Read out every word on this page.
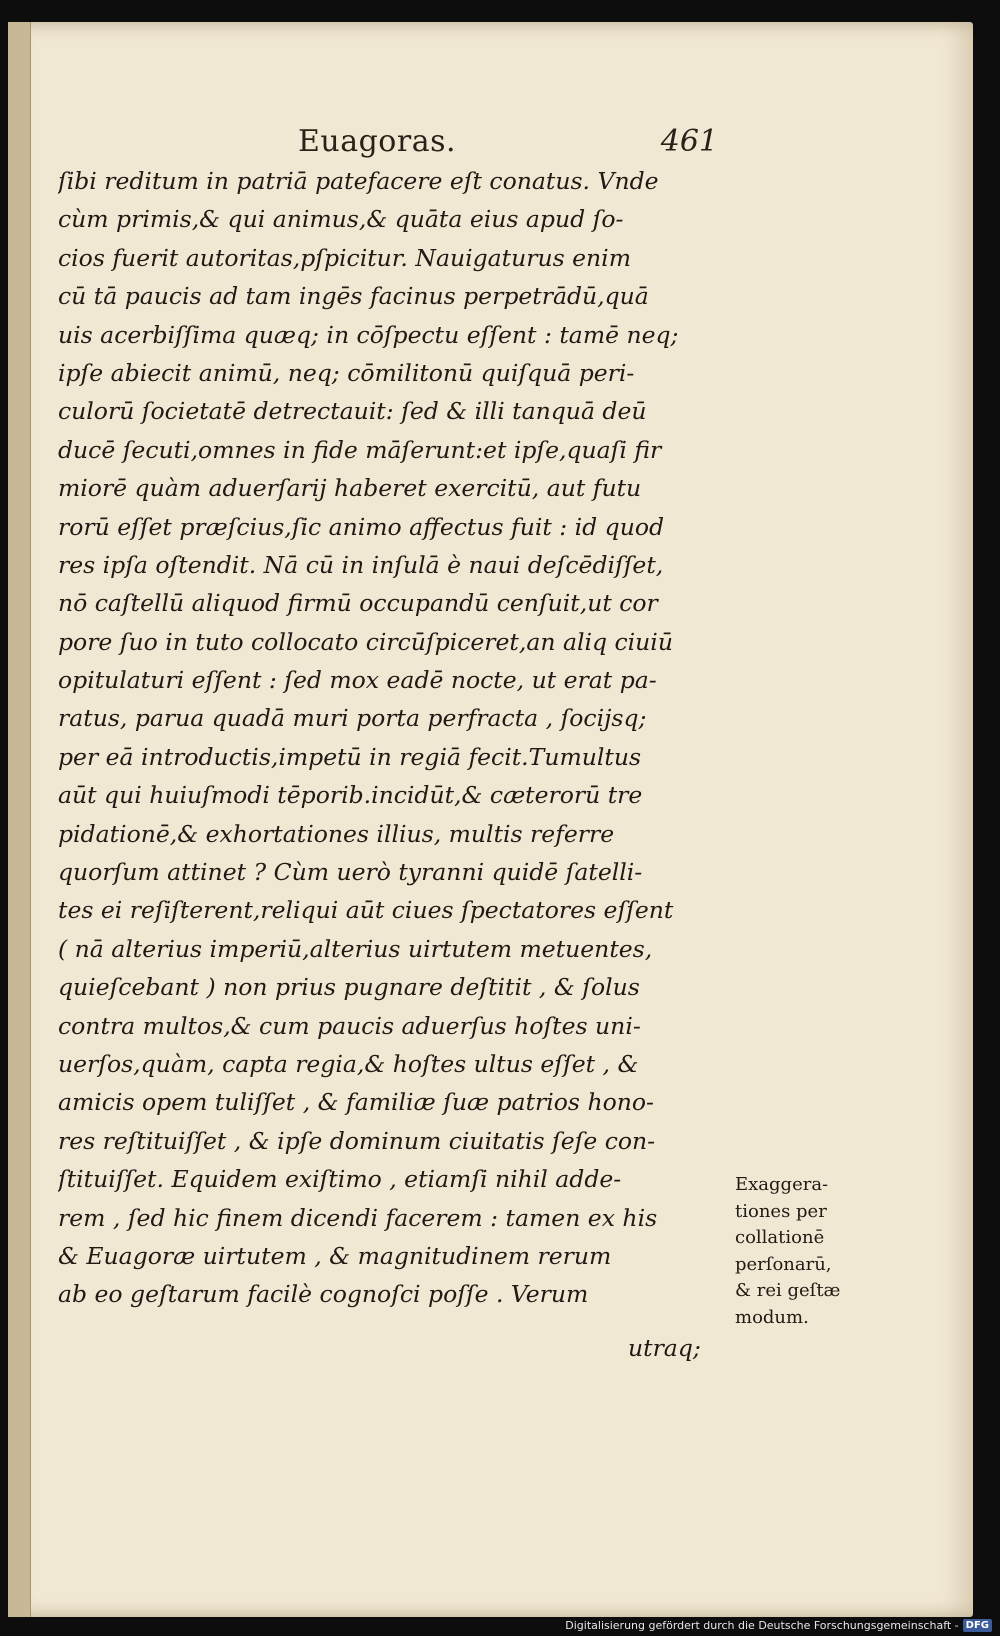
Euagoras.	461
ſibi reditum in patriā patefacere eſt conatus. Vnde
cùm primis,& qui animus,& quāta eius apud ſo-
cios fuerit autoritas,pſpicitur. Nauigaturus enim
cū tā paucis ad tam ingēs facinus perpetrādū,quā
uis acerbiſſima quæq; in cōſpectu eſſent : tamē neq;
ipſe abiecit animū, neq; cōmilitonū quiſquā peri-
culorū ſocietatē detrectauit: ſed & illi tanquā deū
ducē ſecuti,omnes in fide māſerunt:et ipſe,quaſi fir
miorē quàm aduerſarij haberet exercitū, aut futu
rorū eſſet præſcius,ſic animo affectus fuit : id quod
res ipſa oſtendit. Nā cū in inſulā è naui deſcēdiſſet,
nō caſtellū aliquod firmū occupandū cenſuit,ut cor
pore ſuo in tuto collocato circūſpiceret,an aliq ciuiū
opitulaturi eſſent : ſed mox eadē nocte, ut erat pa-
ratus, parua quadā muri porta perfracta , ſocijsq;
per eā introductis,impetū in regiā fecit.Tumultus
aūt qui huiuſmodi tēporib.incidūt,& cæterorū tre
pidationē,& exhortationes illius, multis referre
quorſum attinet ? Cùm uerò tyranni quidē ſatelli-
tes ei reſiſterent,reliqui aūt ciues ſpectatores eſſent
( nā alterius imperiū,alterius uirtutem metuentes,
quieſcebant ) non prius pugnare deſtitit , & ſolus
contra multos,& cum paucis aduerſus hoſtes uni-
uerſos,quàm, capta regia,& hoſtes ultus eſſet , &
amicis opem tuliſſet , & familiæ ſuæ patrios hono-
res reſtituiſſet , & ipſe dominum ciuitatis ſeſe con-
ſtituiſſet. Equidem exiſtimo , etiamſi nihil adde-
rem , ſed hic finem dicendi facerem : tamen ex his
& Euagoræ uirtutem , & magnitudinem rerum
ab eo geſtarum facilè cognoſci poſſe . Verum
utraq;
Exaggera-
tiones per
collationē
perſonarū,
& rei geſtæ
modum.
Digitalisierung gefördert durch die Deutsche Forschungsgemeinschaft - DFG
